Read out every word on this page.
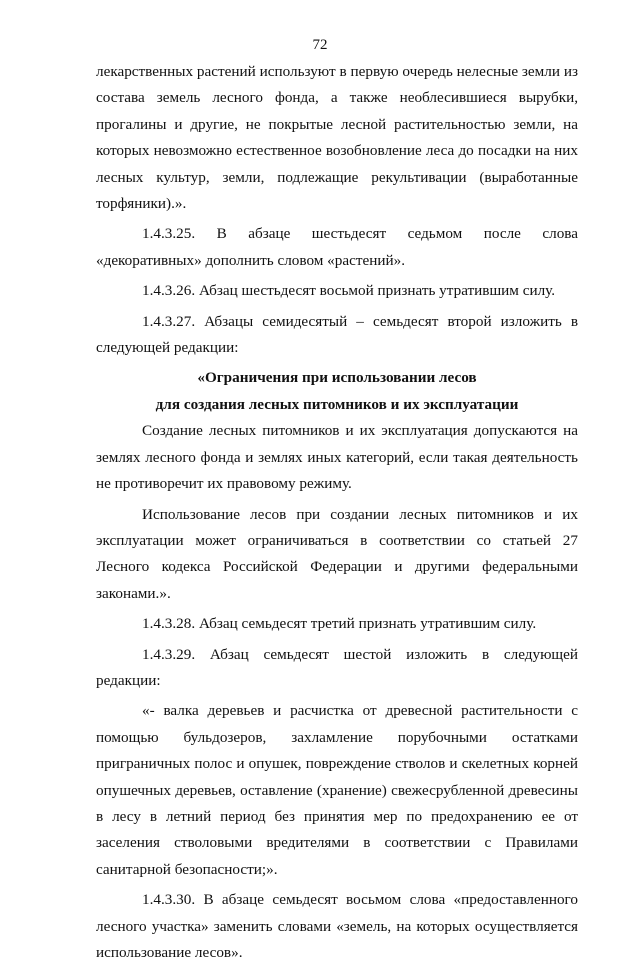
72

лекарственных растений используют в первую очередь нелесные земли из состава земель лесного фонда, а также необлесившиеся вырубки, прогалины и другие, не покрытые лесной растительностью земли, на которых невозможно естественное возобновление леса до посадки на них лесных культур, земли, подлежащие рекультивации (выработанные торфяники).».

1.4.3.25. В абзаце шестьдесят седьмом после слова «декоративных» дополнить словом «растений».

1.4.3.26. Абзац шестьдесят восьмой признать утратившим силу.

1.4.3.27. Абзацы семидесятый – семьдесят второй изложить в следующей редакции:

«Ограничения при использовании лесов
для создания лесных питомников и их эксплуатации

Создание лесных питомников и их эксплуатация допускаются на землях лесного фонда и землях иных категорий, если такая деятельность не противоречит их правовому режиму.

Использование лесов при создании лесных питомников и их эксплуатации может ограничиваться в соответствии со статьей 27 Лесного кодекса Российской Федерации и другими федеральными законами.».

1.4.3.28. Абзац семьдесят третий признать утратившим силу.

1.4.3.29. Абзац семьдесят шестой изложить в следующей редакции:

«- валка деревьев и расчистка от древесной растительности с помощью бульдозеров, захламление порубочными остатками приграничных полос и опушек, повреждение стволов и скелетных корней опушечных деревьев, оставление (хранение) свежесрубленной древесины в лесу в летний период без принятия мер по предохранению ее от заселения стволовыми вредителями в соответствии с Правилами санитарной безопасности;».

1.4.3.30. В абзаце семьдесят восьмом слова «предоставленного лесного участка» заменить словами «земель, на которых осуществляется использование лесов».
